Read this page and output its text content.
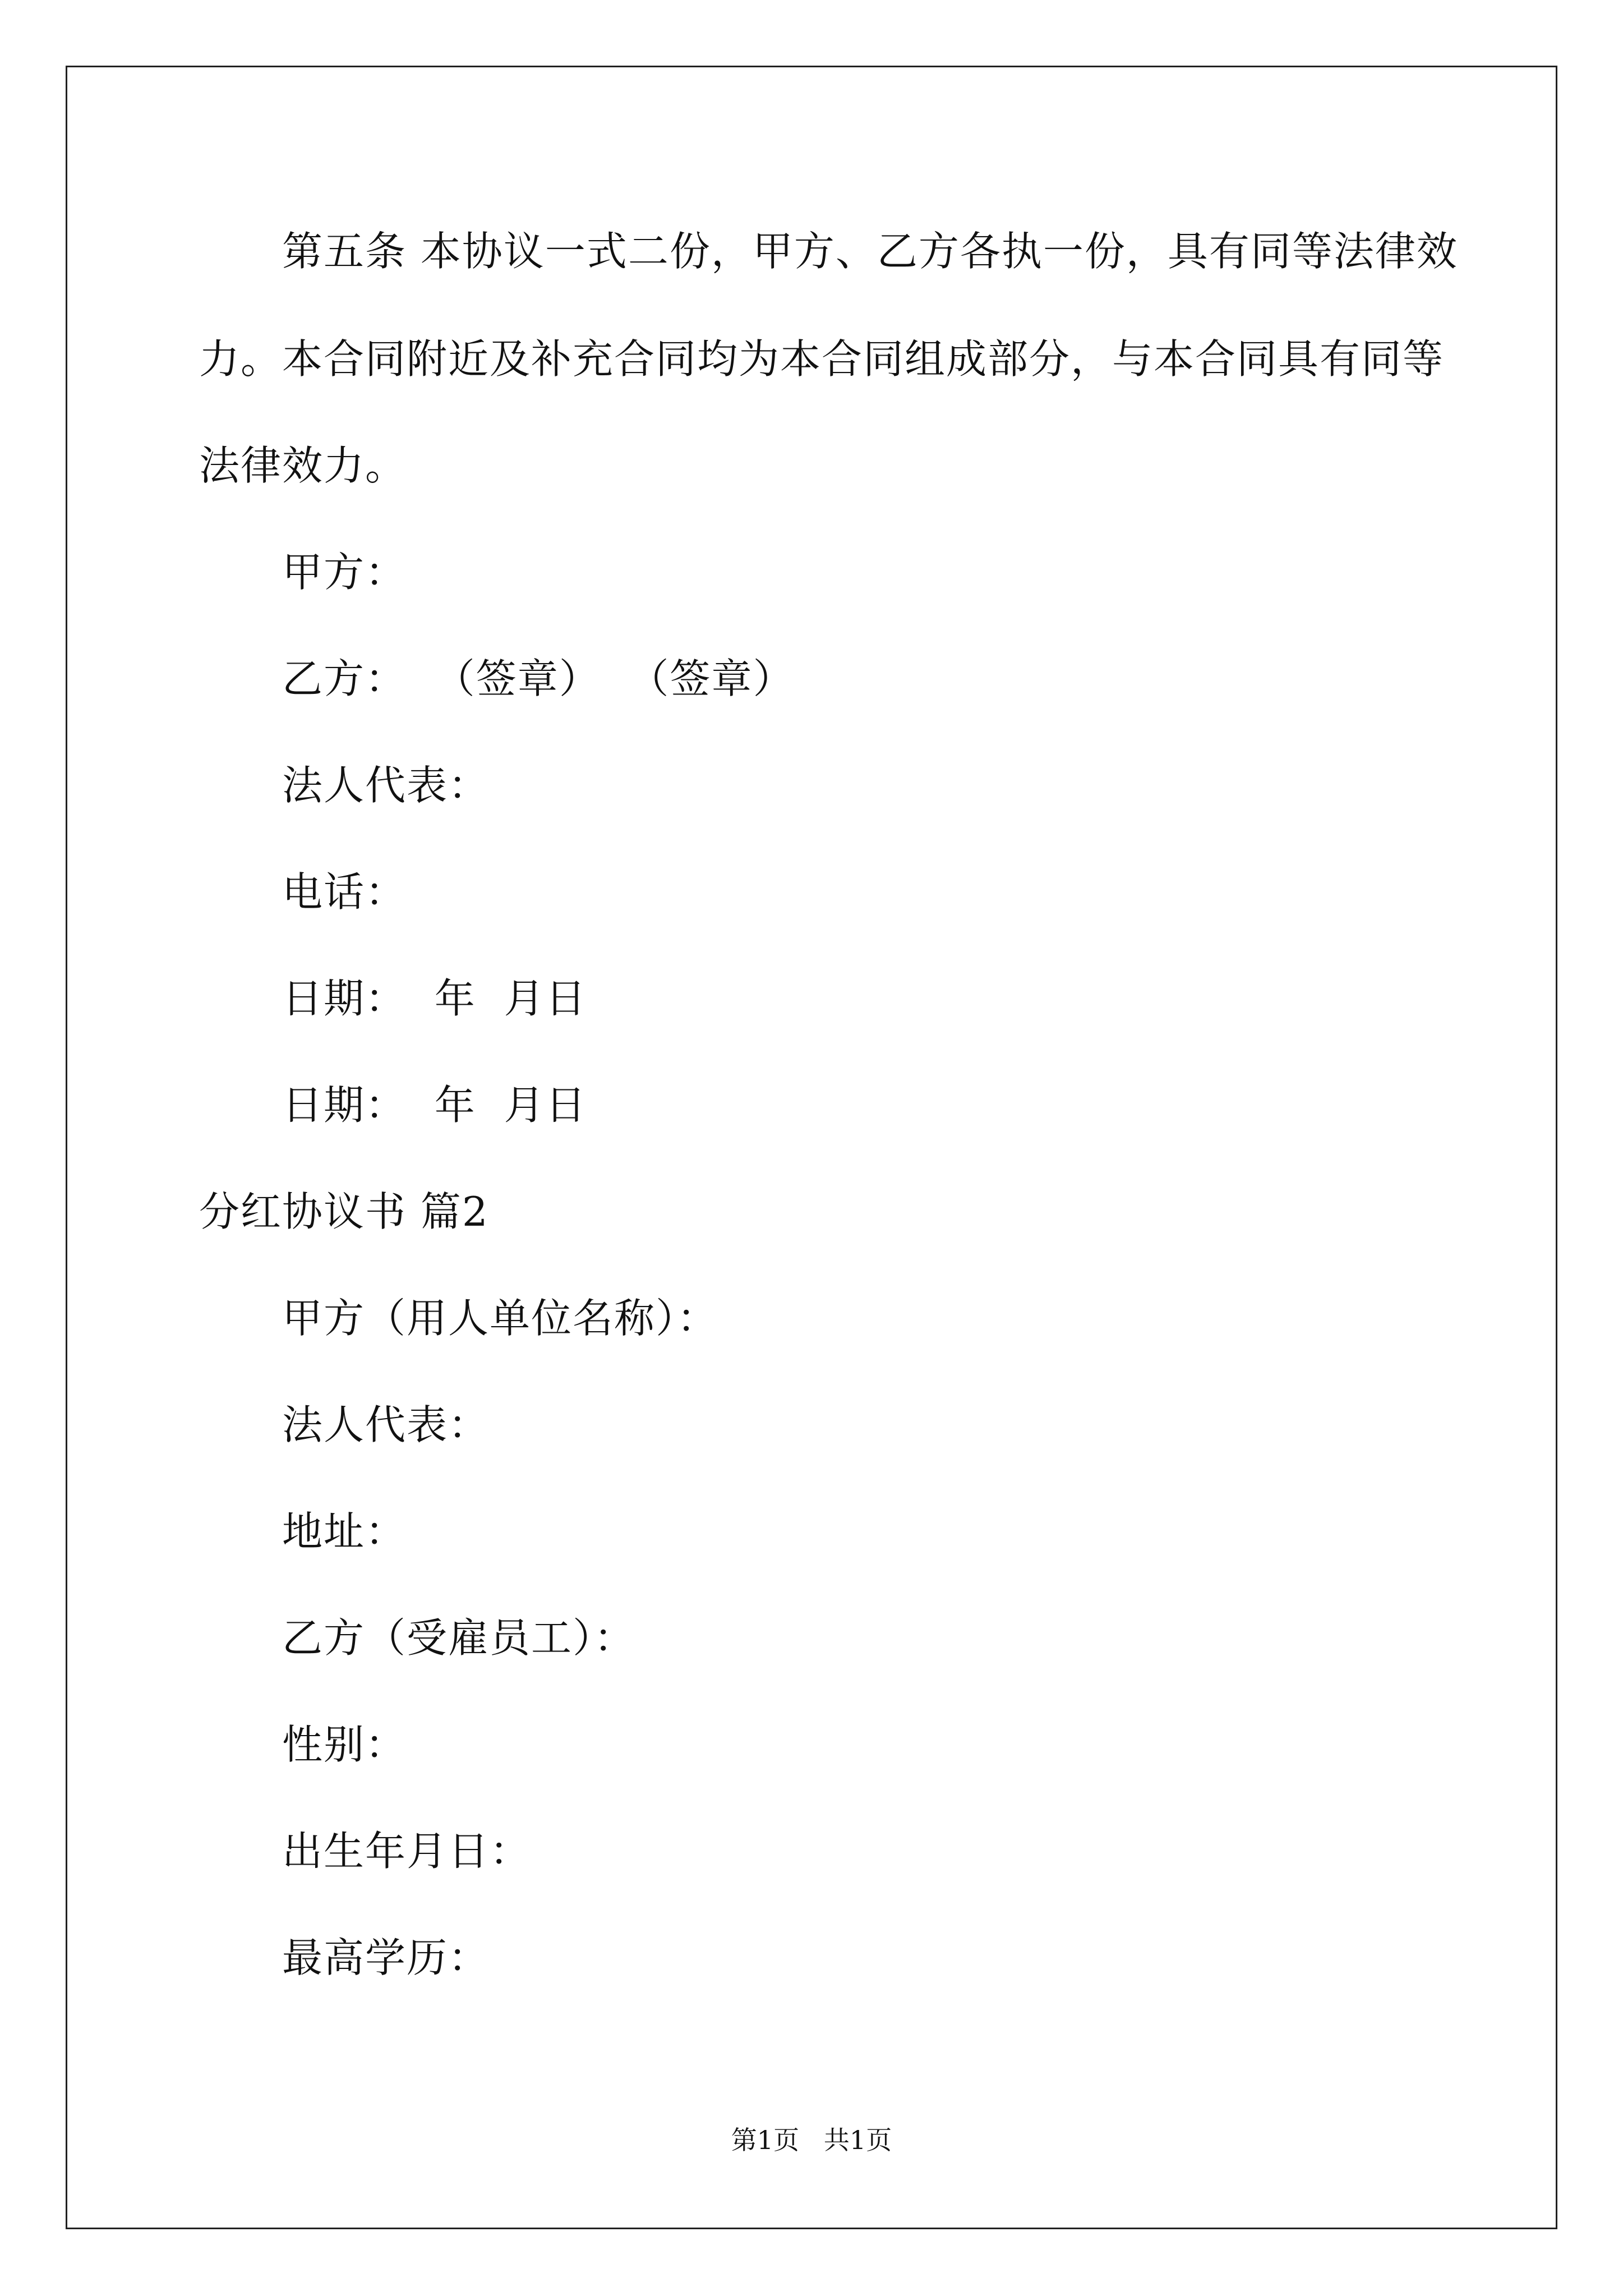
第五条 本协议一式二份，甲方、乙方各执一份，具有同等法律效
力。本合同附近及补充合同均为本合同组成部分，与本合同具有同等
法律效力。
甲方：
乙方：  （签章）  （签章）
法人代表：
电话：
日期：  年  月日
日期：  年  月日
分红协议书 篇2
甲方（用人单位名称）：
法人代表：
地址：
乙方（受雇员工）：
性别：
出生年月日：
最高学历：
第1页   共1页
